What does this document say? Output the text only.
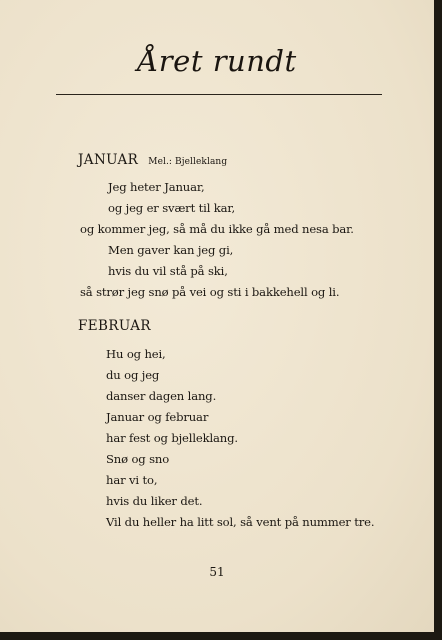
Året rundt
JANUAR Mel.: Bjelleklang
Jeg heter Januar,
og jeg er svært til kar,
og kommer jeg, så må du ikke gå med nesa bar.
Men gaver kan jeg gi,
hvis du vil stå på ski,
så strør jeg snø på vei og sti i bakkehell og li.
FEBRUAR
Hu og hei,
du og jeg
danser dagen lang.
Januar og februar
har fest og bjelleklang.
Snø og sno
har vi to,
hvis du liker det.
Vil du heller ha litt sol, så vent på nummer tre.
51
